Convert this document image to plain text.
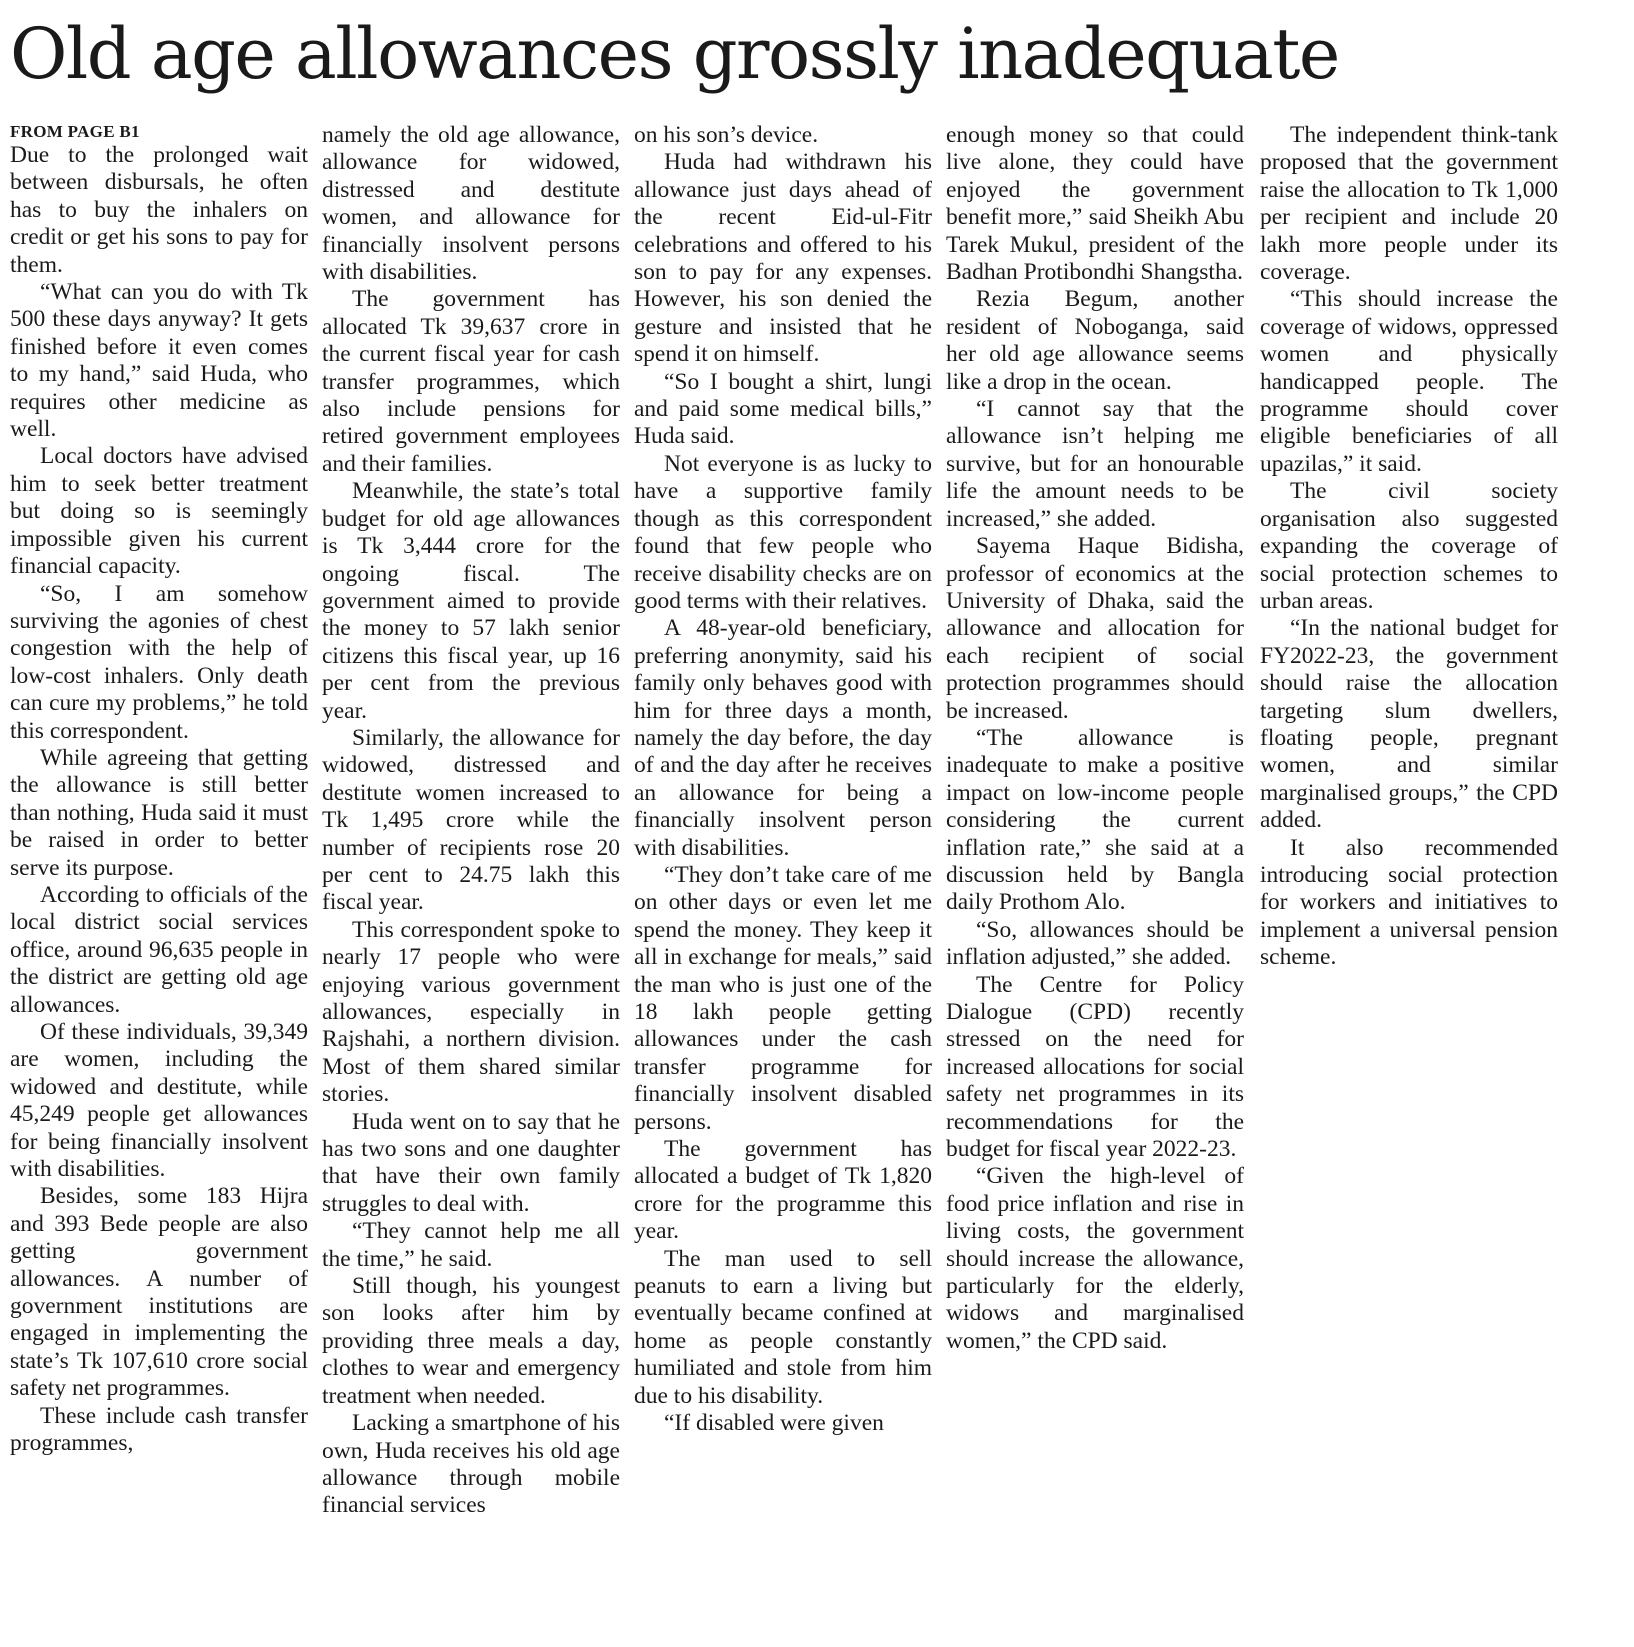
Old age allowances grossly inadequate
FROM PAGE B1

Due to the prolonged wait between disbursals, he often has to buy the inhalers on credit or get his sons to pay for them.

“What can you do with Tk 500 these days anyway? It gets finished before it even comes to my hand,” said Huda, who requires other medicine as well.

Local doctors have advised him to seek better treatment but doing so is seemingly impossible given his current financial capacity.

“So, I am somehow surviving the agonies of chest congestion with the help of low-cost inhalers. Only death can cure my problems,” he told this correspondent.

While agreeing that getting the allowance is still better than nothing, Huda said it must be raised in order to better serve its purpose.

According to officials of the local district social services office, around 96,635 people in the district are getting old age allowances.

Of these individuals, 39,349 are women, including the widowed and destitute, while 45,249 people get allowances for being financially insolvent with disabilities.

Besides, some 183 Hijra and 393 Bede people are also getting government allowances. A number of government institutions are engaged in implementing the state’s Tk 107,610 crore social safety net programmes.

These include cash transfer programmes,

namely the old age allowance, allowance for widowed, distressed and destitute women, and allowance for financially insolvent persons with disabilities.

The government has allocated Tk 39,637 crore in the current fiscal year for cash transfer programmes, which also include pensions for retired government employees and their families.

Meanwhile, the state’s total budget for old age allowances is Tk 3,444 crore for the ongoing fiscal. The government aimed to provide the money to 57 lakh senior citizens this fiscal year, up 16 per cent from the previous year.

Similarly, the allowance for widowed, distressed and destitute women increased to Tk 1,495 crore while the number of recipients rose 20 per cent to 24.75 lakh this fiscal year.

This correspondent spoke to nearly 17 people who were enjoying various government allowances, especially in Rajshahi, a northern division. Most of them shared similar stories.

Huda went on to say that he has two sons and one daughter that have their own family struggles to deal with.

“They cannot help me all the time,” he said.

Still though, his youngest son looks after him by providing three meals a day, clothes to wear and emergency treatment when needed.

Lacking a smartphone of his own, Huda receives his old age allowance through mobile financial services

on his son’s device.

Huda had withdrawn his allowance just days ahead of the recent Eid-ul-Fitr celebrations and offered to his son to pay for any expenses. However, his son denied the gesture and insisted that he spend it on himself.

“So I bought a shirt, lungi and paid some medical bills,” Huda said.

Not everyone is as lucky to have a supportive family though as this correspondent found that few people who receive disability checks are on good terms with their relatives.

A 48-year-old beneficiary, preferring anonymity, said his family only behaves good with him for three days a month, namely the day before, the day of and the day after he receives an allowance for being a financially insolvent person with disabilities.

“They don’t take care of me on other days or even let me spend the money. They keep it all in exchange for meals,” said the man who is just one of the 18 lakh people getting allowances under the cash transfer programme for financially insolvent disabled persons.

The government has allocated a budget of Tk 1,820 crore for the programme this year.

The man used to sell peanuts to earn a living but eventually became confined at home as people constantly humiliated and stole from him due to his disability.

“If disabled were given

enough money so that could live alone, they could have enjoyed the government benefit more,” said Sheikh Abu Tarek Mukul, president of the Badhan Protibondhi Shangstha.

Rezia Begum, another resident of Noboganga, said her old age allowance seems like a drop in the ocean.

“I cannot say that the allowance isn’t helping me survive, but for an honourable life the amount needs to be increased,” she added.

Sayema Haque Bidisha, professor of economics at the University of Dhaka, said the allowance and allocation for each recipient of social protection programmes should be increased.

“The allowance is inadequate to make a positive impact on low-income people considering the current inflation rate,” she said at a discussion held by Bangla daily Prothom Alo.

“So, allowances should be inflation adjusted,” she added.

The Centre for Policy Dialogue (CPD) recently stressed on the need for increased allocations for social safety net programmes in its recommendations for the budget for fiscal year 2022-23.

“Given the high-level of food price inflation and rise in living costs, the government should increase the allowance, particularly for the elderly, widows and marginalised women,” the CPD said.

The independent think-tank proposed that the government raise the allocation to Tk 1,000 per recipient and include 20 lakh more people under its coverage.

“This should increase the coverage of widows, oppressed women and physically handicapped people. The programme should cover eligible beneficiaries of all upazilas,” it said.

The civil society organisation also suggested expanding the coverage of social protection schemes to urban areas.

“In the national budget for FY2022-23, the government should raise the allocation targeting slum dwellers, floating people, pregnant women, and similar marginalised groups,” the CPD added.

It also recommended introducing social protection for workers and initiatives to implement a universal pension scheme.
